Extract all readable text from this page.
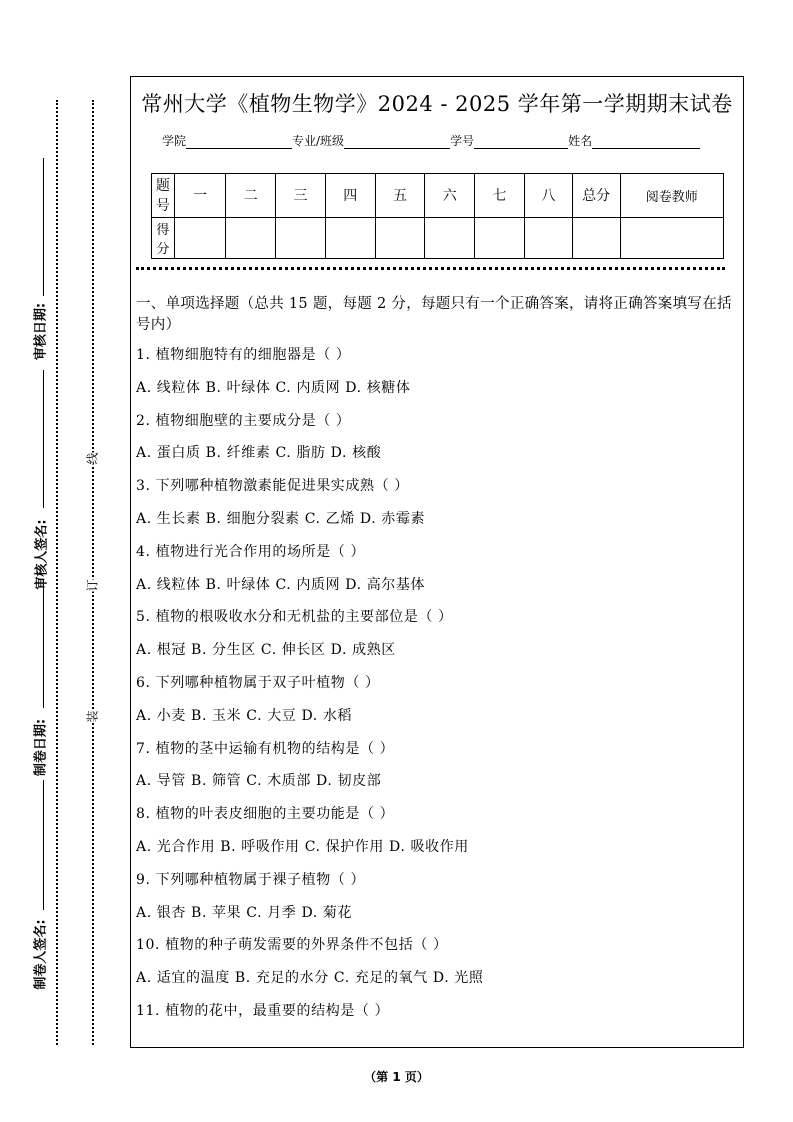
审核日期:
审核人签名:
制卷日期:
制卷人签名:
线
订
装
常州大学《植物生物学》2024 - 2025 学年第一学期期末试卷
学院	专业/班级	学号	姓名
题号	一	二	三	四	五	六	七	八	总分	阅卷教师
得分										
一、单项选择题（总共 15 题，每题 2 分，每题只有一个正确答案，请将正确答案填写在括号内）
1. 植物细胞特有的细胞器是（ ）
A. 线粒体 B. 叶绿体 C. 内质网 D. 核糖体
2. 植物细胞壁的主要成分是（ ）
A. 蛋白质 B. 纤维素 C. 脂肪 D. 核酸
3. 下列哪种植物激素能促进果实成熟（ ）
A. 生长素 B. 细胞分裂素 C. 乙烯 D. 赤霉素
4. 植物进行光合作用的场所是（ ）
A. 线粒体 B. 叶绿体 C. 内质网 D. 高尔基体
5. 植物的根吸收水分和无机盐的主要部位是（ ）
A. 根冠 B. 分生区 C. 伸长区 D. 成熟区
6. 下列哪种植物属于双子叶植物（ ）
A. 小麦 B. 玉米 C. 大豆 D. 水稻
7. 植物的茎中运输有机物的结构是（ ）
A. 导管 B. 筛管 C. 木质部 D. 韧皮部
8. 植物的叶表皮细胞的主要功能是（ ）
A. 光合作用 B. 呼吸作用 C. 保护作用 D. 吸收作用
9. 下列哪种植物属于裸子植物（ ）
A. 银杏 B. 苹果 C. 月季 D. 菊花
10. 植物的种子萌发需要的外界条件不包括（ ）
A. 适宜的温度 B. 充足的水分 C. 充足的氧气 D. 光照
11. 植物的花中，最重要的结构是（ ）
（第 1 页）
